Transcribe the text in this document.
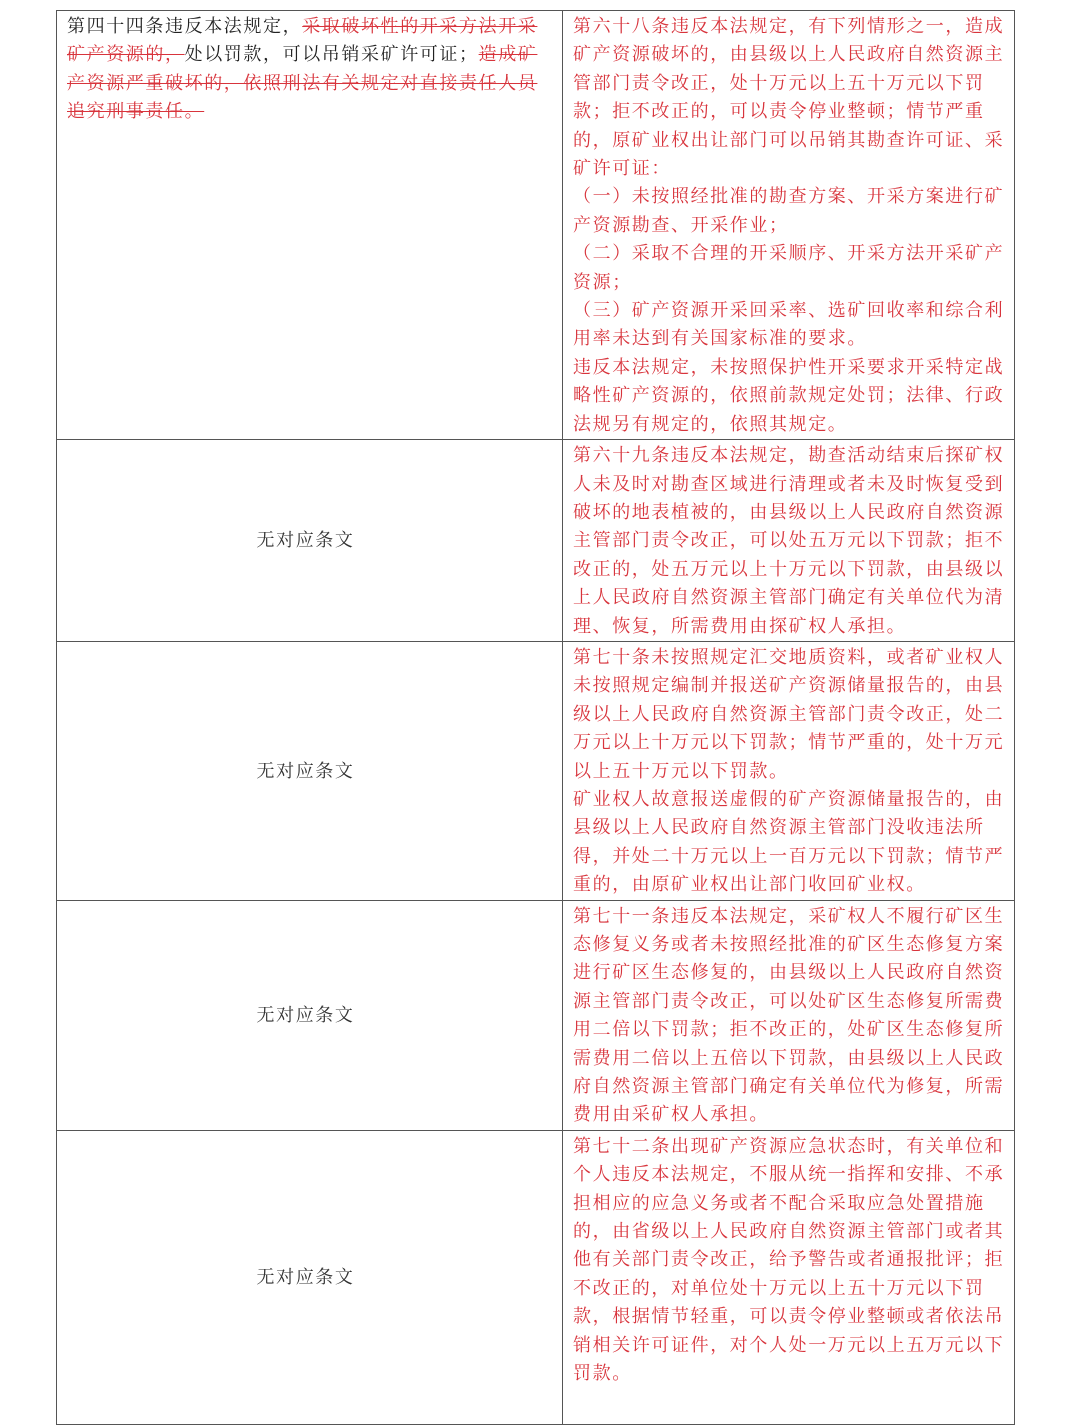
第四十四条违反本法规定，采取破坏性的开采方法开采矿产资源的，处以罚款，可以吊销采矿许可证；造成矿产资源严重破坏的，依照刑法有关规定对直接责任人员追究刑事责任。	第六十八条违反本法规定，有下列情形之一，造成矿产资源破坏的，由县级以上人民政府自然资源主管部门责令改正，处十万元以上五十万元以下罚款；拒不改正的，可以责令停业整顿；情节严重的，原矿业权出让部门可以吊销其勘查许可证、采矿许可证：

（一）未按照经批准的勘查方案、开采方案进行矿产资源勘查、开采作业；

（二）采取不合理的开采顺序、开采方法开采矿产资源；

（三）矿产资源开采回采率、选矿回收率和综合利用率未达到有关国家标准的要求。

违反本法规定，未按照保护性开采要求开采特定战略性矿产资源的，依照前款规定处罚；法律、行政法规另有规定的，依照其规定。

无对应条文	第六十九条违反本法规定，勘查活动结束后探矿权人未及时对勘查区域进行清理或者未及时恢复受到破坏的地表植被的，由县级以上人民政府自然资源主管部门责令改正，可以处五万元以下罚款；拒不改正的，处五万元以上十万元以下罚款，由县级以上人民政府自然资源主管部门确定有关单位代为清理、恢复，所需费用由探矿权人承担。

无对应条文	第七十条未按照规定汇交地质资料，或者矿业权人未按照规定编制并报送矿产资源储量报告的，由县级以上人民政府自然资源主管部门责令改正，处二万元以上十万元以下罚款；情节严重的，处十万元以上五十万元以下罚款。

矿业权人故意报送虚假的矿产资源储量报告的，由县级以上人民政府自然资源主管部门没收违法所得，并处二十万元以上一百万元以下罚款；情节严重的，由原矿业权出让部门收回矿业权。

无对应条文	第七十一条违反本法规定，采矿权人不履行矿区生态修复义务或者未按照经批准的矿区生态修复方案进行矿区生态修复的，由县级以上人民政府自然资源主管部门责令改正，可以处矿区生态修复所需费用二倍以下罚款；拒不改正的，处矿区生态修复所需费用二倍以上五倍以下罚款，由县级以上人民政府自然资源主管部门确定有关单位代为修复，所需费用由采矿权人承担。

无对应条文	第七十二条出现矿产资源应急状态时，有关单位和个人违反本法规定，不服从统一指挥和安排、不承担相应的应急义务或者不配合采取应急处置措施的，由省级以上人民政府自然资源主管部门或者其他有关部门责令改正，给予警告或者通报批评；拒不改正的，对单位处十万元以上五十万元以下罚款，根据情节轻重，可以责令停业整顿或者依法吊销相关许可证件，对个人处一万元以上五万元以下罚款。
